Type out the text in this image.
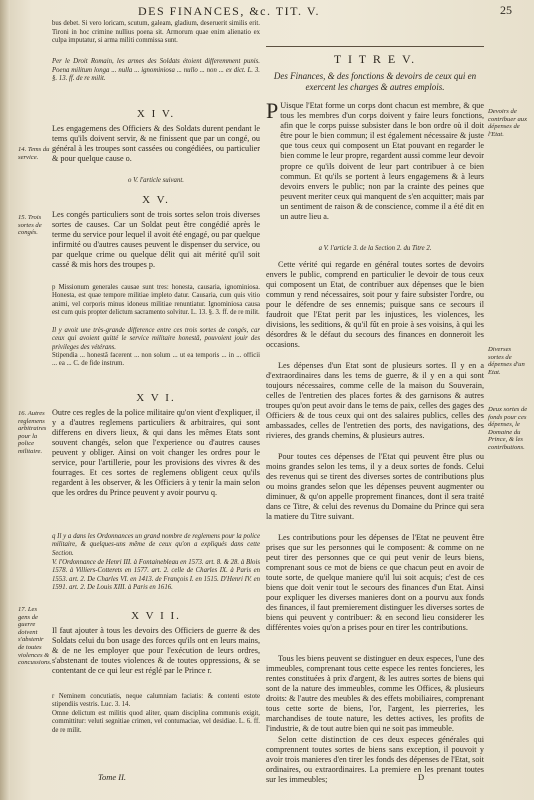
DES FINANCES, &c. TIT. V.	25

bus debet. Si vero loricam, scutum, galeam, gladium, deseruerit similis erit. Tironi in hoc crimine nullius poena sit. Armorum quae enim alienatio ex culpa imputatur, si arma militi commissa sunt.

Per le Droit Romain, les armes des Soldats étoient differemment punis. Poena militum longa ... nulla ... ignominiosa ... nullo ... non ... ex dict. L. 3. §. 13. ff. de re milit.

X I V.

Les engagemens des Officiers & des Soldats durent pendant le tems qu'ils doivent servir, & ne finissent que par un congé, ou général à les troupes sont cassées ou congédiées, ou particulier & pour quelque cause o.

o V. l'article suivant.

X V.

Les congés particuliers sont de trois sortes selon trois diverses sortes de causes. Car un Soldat peut être congédié après le terme du service pour lequel il avoit été engagé, ou par quelque infirmité ou d'autres causes peuvent le dispenser du service, ou par quelque crime ou quelque délit qui ait mérité qu'il soit cassé & mis hors des troupes p.

p Missionum generales causae sunt tres: honesta, causaria, ignominiosa. Honesta, est quae tempore militiae impleto datur. Causaria, cum quis vitio animi, vel corporis minus idoneus militiae renuntiatur. Ignominiosa causa est cum quis propter delictum sacramento solvitur. L. 13. §. 3. ff. de re milit.

Il y avoit une très-grande difference entre ces trois sortes de congés, car ceux qui avoient quitté le service militaire honestâ, pouvoient jouir des privileges des vétérans.

Stipendia ... honestâ facerent ... non solum ... ut ea temporis ... in ... officii ... ea ... C. de fide instrum.

X V I.

Outre ces regles de la police militaire qu'on vient d'expliquer, il y a d'autres reglemens particuliers & arbitraires, qui sont differens en divers lieux, & qui dans les mêmes Etats sont souvent changés, selon que l'experience ou d'autres causes peuvent y obliger. Ainsi on voit changer les ordres pour le service, pour l'artillerie, pour les provisions des vivres & des fourrages. Et ces sortes de reglemens obligent ceux qu'ils regardent à les observer, & les Officiers à y tenir la main selon que les ordres du Prince peuvent y avoir pourvu q.

q Il y a dans les Ordonnances un grand nombre de reglemens pour la police militaire, & quelques-uns même de ceux qu'on a expliqués dans cette Section.

V. l'Ordonnance de Henri III. à Fontainebleau en 1573. art. 8. & 28. à Blois 1578. à Villiers-Cotterets en 1577. art. 2. celle de Charles IX. à Paris en 1553. art. 2. De Charles VI. en 1413. de François I. en 1515. D'Henri IV. en 1591. art. 2. De Louis XIII. à Paris en 1616.

X V I I.

Il faut ajouter à tous les devoirs des Officiers de guerre & des Soldats celui du bon usage des forces qu'ils ont en leurs mains, & de ne les employer que pour l'exécution de leurs ordres, s'abstenant de toutes violences & de toutes oppressions, & se contentant de ce qui leur est réglé par le Prince r.

r Neminem concutiatis, neque calumniam faciatis: & contenti estote stipendiis vestris. Luc. 3. 14.

Omne delictum est militis quod aliter, quam disciplina communis exigit, committitur: veluti segnitiae crimen, vel contumaciae, vel desidiae. L. 6. ff. de re milit.

14. Tems du service.
15. Trois sortes de congés.
16. Autres reglemens arbitraires pour la police militaire.
17. Les gens de guerre doivent s'abstenir de toutes violences & concussions.
Tome II.
T I T R E V.

Des Finances, & des fonctions & devoirs de ceux qui en exercent les charges & autres emplois.

P Uisque l'Etat forme un corps dont chacun est membre, & que tous les membres d'un corps doivent y faire leurs fonctions, afin que le corps puisse subsister dans le bon ordre où il doit être pour le bien commun; il est également nécessaire & juste que tous ceux qui composent un Etat pouvant en regarder le bien comme le leur propre, regardent aussi comme leur devoir propre ce qu'ils doivent de leur part contribuer à ce bien commun. Et qu'ils se portent à leurs engagemens & à leurs devoirs envers le public; non par la crainte des peines que peuvent meriter ceux qui manquent de s'en acquitter; mais par un sentiment de raison & de conscience, comme il a été dit en un autre lieu a.

a V. l'article 3. de la Section 2. du Titre 2.

Cette vérité qui regarde en général toutes sortes de devoirs envers le public, comprend en particulier le devoir de tous ceux qui composent un Etat, de contribuer aux dépenses que le bien commun y rend nécessaires, soit pour y faire subsister l'ordre, ou pour le défendre de ses ennemis; puisque sans ce secours il faudroit que l'Etat perit par les injustices, les violences, les divisions, les seditions, & qu'il fût en proie à ses voisins, à qui les désordres & le défaut du secours des finances en donneroit les occasions.

Les dépenses d'un Etat sont de plusieurs sortes. Il y en a d'extraordinaires dans les tems de guerre, & il y en a qui sont toujours nécessaires, comme celle de la maison du Souverain, celles de l'entretien des places fortes & des garnisons & autres troupes qu'on peut avoir dans le tems de paix, celles des gages des Officiers & de tous ceux qui ont des salaires publics, celles des ambassades, celles de l'entretien des ports, des navigations, des rivieres, des grands chemins, & plusieurs autres.

Pour toutes ces dépenses de l'Etat qui peuvent être plus ou moins grandes selon les tems, il y a deux sortes de fonds. Celui des revenus qui se tirent des diverses sortes de contributions plus ou moins grandes selon que les dépenses peuvent augmenter ou diminuer, & qu'on appelle proprement finances, dont il sera traité dans ce Titre, & celui des revenus du Domaine du Prince qui sera la matiere du Titre suivant.

Les contributions pour les dépenses de l'Etat ne peuvent être prises que sur les personnes qui le composent: & comme on ne peut tirer des personnes que ce qui peut venir de leurs biens, comprenant sous ce mot de biens ce que chacun peut en avoir de toute sorte, de quelque maniere qu'il lui soit acquis; c'est de ces biens que doit venir tout le secours des finances d'un Etat. Ainsi pour expliquer les diverses manieres dont on a pourvu aux fonds des finances, il faut premierement distinguer les diverses sortes de biens qui peuvent y contribuer: & en second lieu considerer les différentes voies qu'on a prises pour en tirer les contributions.

Tous les biens peuvent se distinguer en deux especes, l'une des immeubles, comprenant tous cette espece les rentes foncieres, les rentes constituées à prix d'argent, & les autres sortes de biens qui sont de la nature des immeubles, comme les Offices, & plusieurs droits: & l'autre des meubles & des effets mobiliaires, comprenant tous cette sorte de biens, l'or, l'argent, les pierreries, les marchandises de toute nature, les dettes actives, les profits de l'industrie, & de tout autre bien qui ne soit pas immeuble.

Selon cette distinction de ces deux especes générales qui comprennent toutes sortes de biens sans exception, il pouvoit y avoir trois manieres d'en tirer les fonds des dépenses de l'Etat, soit ordinaires, ou extraordinaires. La premiere en les prenant toutes sur les immeubles;

Devoirs de contribuer aux dépenses de l'Etat.
Diverses sortes de dépenses d'un Etat.
Deux sortes de fonds pour ces dépenses, le Domaine du Prince, & les contributions.
D
